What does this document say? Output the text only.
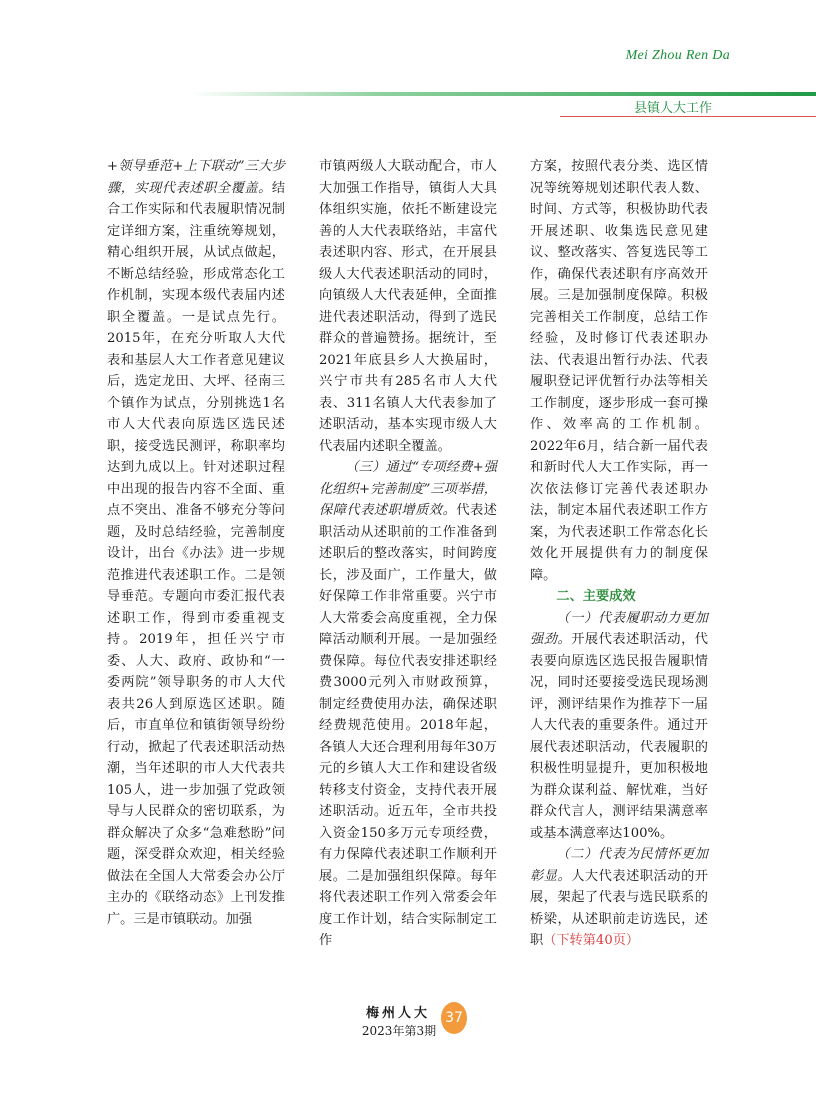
Mei Zhou Ren Da
县镇人大工作

+领导垂范+上下联动”三大步骤，实现代表述职全覆盖。结合工作实际和代表履职情况制定详细方案，注重统筹规划，精心组织开展，从试点做起，不断总结经验，形成常态化工作机制，实现本级代表届内述职全覆盖。一是试点先行。2015年，在充分听取人大代表和基层人大工作者意见建议后，选定龙田、大坪、径南三个镇作为试点，分别挑选1名市人大代表向原选区选民述职，接受选民测评，称职率均达到九成以上。针对述职过程中出现的报告内容不全面、重点不突出、准备不够充分等问题，及时总结经验，完善制度设计，出台《办法》进一步规范推进代表述职工作。二是领导垂范。专题向市委汇报代表述职工作，得到市委重视支持。2019年，担任兴宁市委、人大、政府、政协和“一委两院”领导职务的市人大代表共26人到原选区述职。随后，市直单位和镇街领导纷纷行动，掀起了代表述职活动热潮，当年述职的市人大代表共105人，进一步加强了党政领导与人民群众的密切联系，为群众解决了众多“急难愁盼”问题，深受群众欢迎，相关经验做法在全国人大常委会办公厅主办的《联络动态》上刊发推广。三是市镇联动。加强

市镇两级人大联动配合，市人大加强工作指导，镇街人大具体组织实施，依托不断建设完善的人大代表联络站，丰富代表述职内容、形式，在开展县级人大代表述职活动的同时，向镇级人大代表延伸，全面推进代表述职活动，得到了选民群众的普遍赞扬。据统计，至2021年底县乡人大换届时，兴宁市共有285名市人大代表、311名镇人大代表参加了述职活动，基本实现市级人大代表届内述职全覆盖。

（三）通过“专项经费+强化组织+完善制度”三项举措，保障代表述职增质效。代表述职活动从述职前的工作准备到述职后的整改落实，时间跨度长，涉及面广，工作量大，做好保障工作非常重要。兴宁市人大常委会高度重视，全力保障活动顺利开展。一是加强经费保障。每位代表安排述职经费3000元列入市财政预算，制定经费使用办法，确保述职经费规范使用。2018年起，各镇人大还合理利用每年30万元的乡镇人大工作和建设省级转移支付资金，支持代表开展述职活动。近五年，全市共投入资金150多万元专项经费，有力保障代表述职工作顺利开展。二是加强组织保障。每年将代表述职工作列入常委会年度工作计划，结合实际制定工作

方案，按照代表分类、选区情况等统筹规划述职代表人数、时间、方式等，积极协助代表开展述职、收集选民意见建议、整改落实、答复选民等工作，确保代表述职有序高效开展。三是加强制度保障。积极完善相关工作制度，总结工作经验，及时修订代表述职办法、代表退出暂行办法、代表履职登记评优暂行办法等相关工作制度，逐步形成一套可操作、效率高的工作机制。2022年6月，结合新一届代表和新时代人大工作实际，再一次依法修订完善代表述职办法，制定本届代表述职工作方案，为代表述职工作常态化长效化开展提供有力的制度保障。

二、主要成效

（一）代表履职动力更加强劲。开展代表述职活动，代表要向原选区选民报告履职情况，同时还要接受选民现场测评，测评结果作为推荐下一届人大代表的重要条件。通过开展代表述职活动，代表履职的积极性明显提升，更加积极地为群众谋利益、解忧难，当好群众代言人，测评结果满意率或基本满意率达100%。

（二）代表为民情怀更加彰显。人大代表述职活动的开展，架起了代表与选民联系的桥梁，从述职前走访选民，述职（下转第40页）

梅州人大
2023年第3期
37
